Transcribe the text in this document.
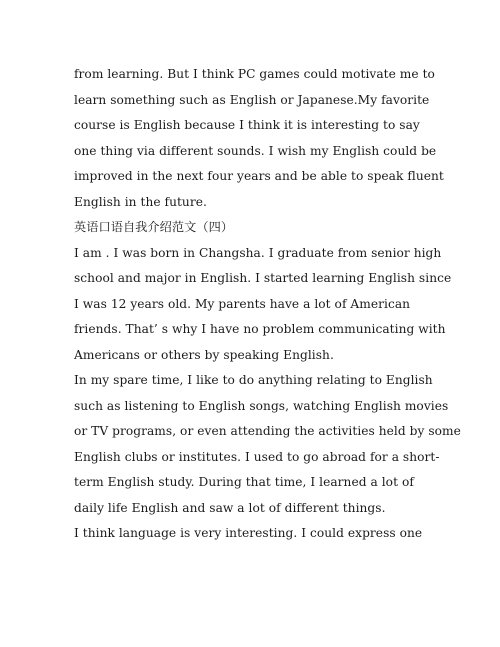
from learning. But I think PC games could motivate me to
learn something such as English or Japanese.My favorite
course is English because I think it is interesting to say
one thing via different sounds. I wish my English could be
improved in the next four years and be able to speak fluent
English in the future.
英语口语自我介绍范文（四）
I am . I was born in Changsha. I graduate from senior high
school and major in English. I started learning English since
I was 12 years old. My parents have a lot of American
friends. That’ s why I have no problem communicating with
Americans or others by speaking English.
In my spare time, I like to do anything relating to English
such as listening to English songs, watching English movies
or TV programs, or even attending the activities held by some
English clubs or institutes. I used to go abroad for a short-
term English study. During that time, I learned a lot of
daily life English and saw a lot of different things.
I think language is very interesting. I could express one
